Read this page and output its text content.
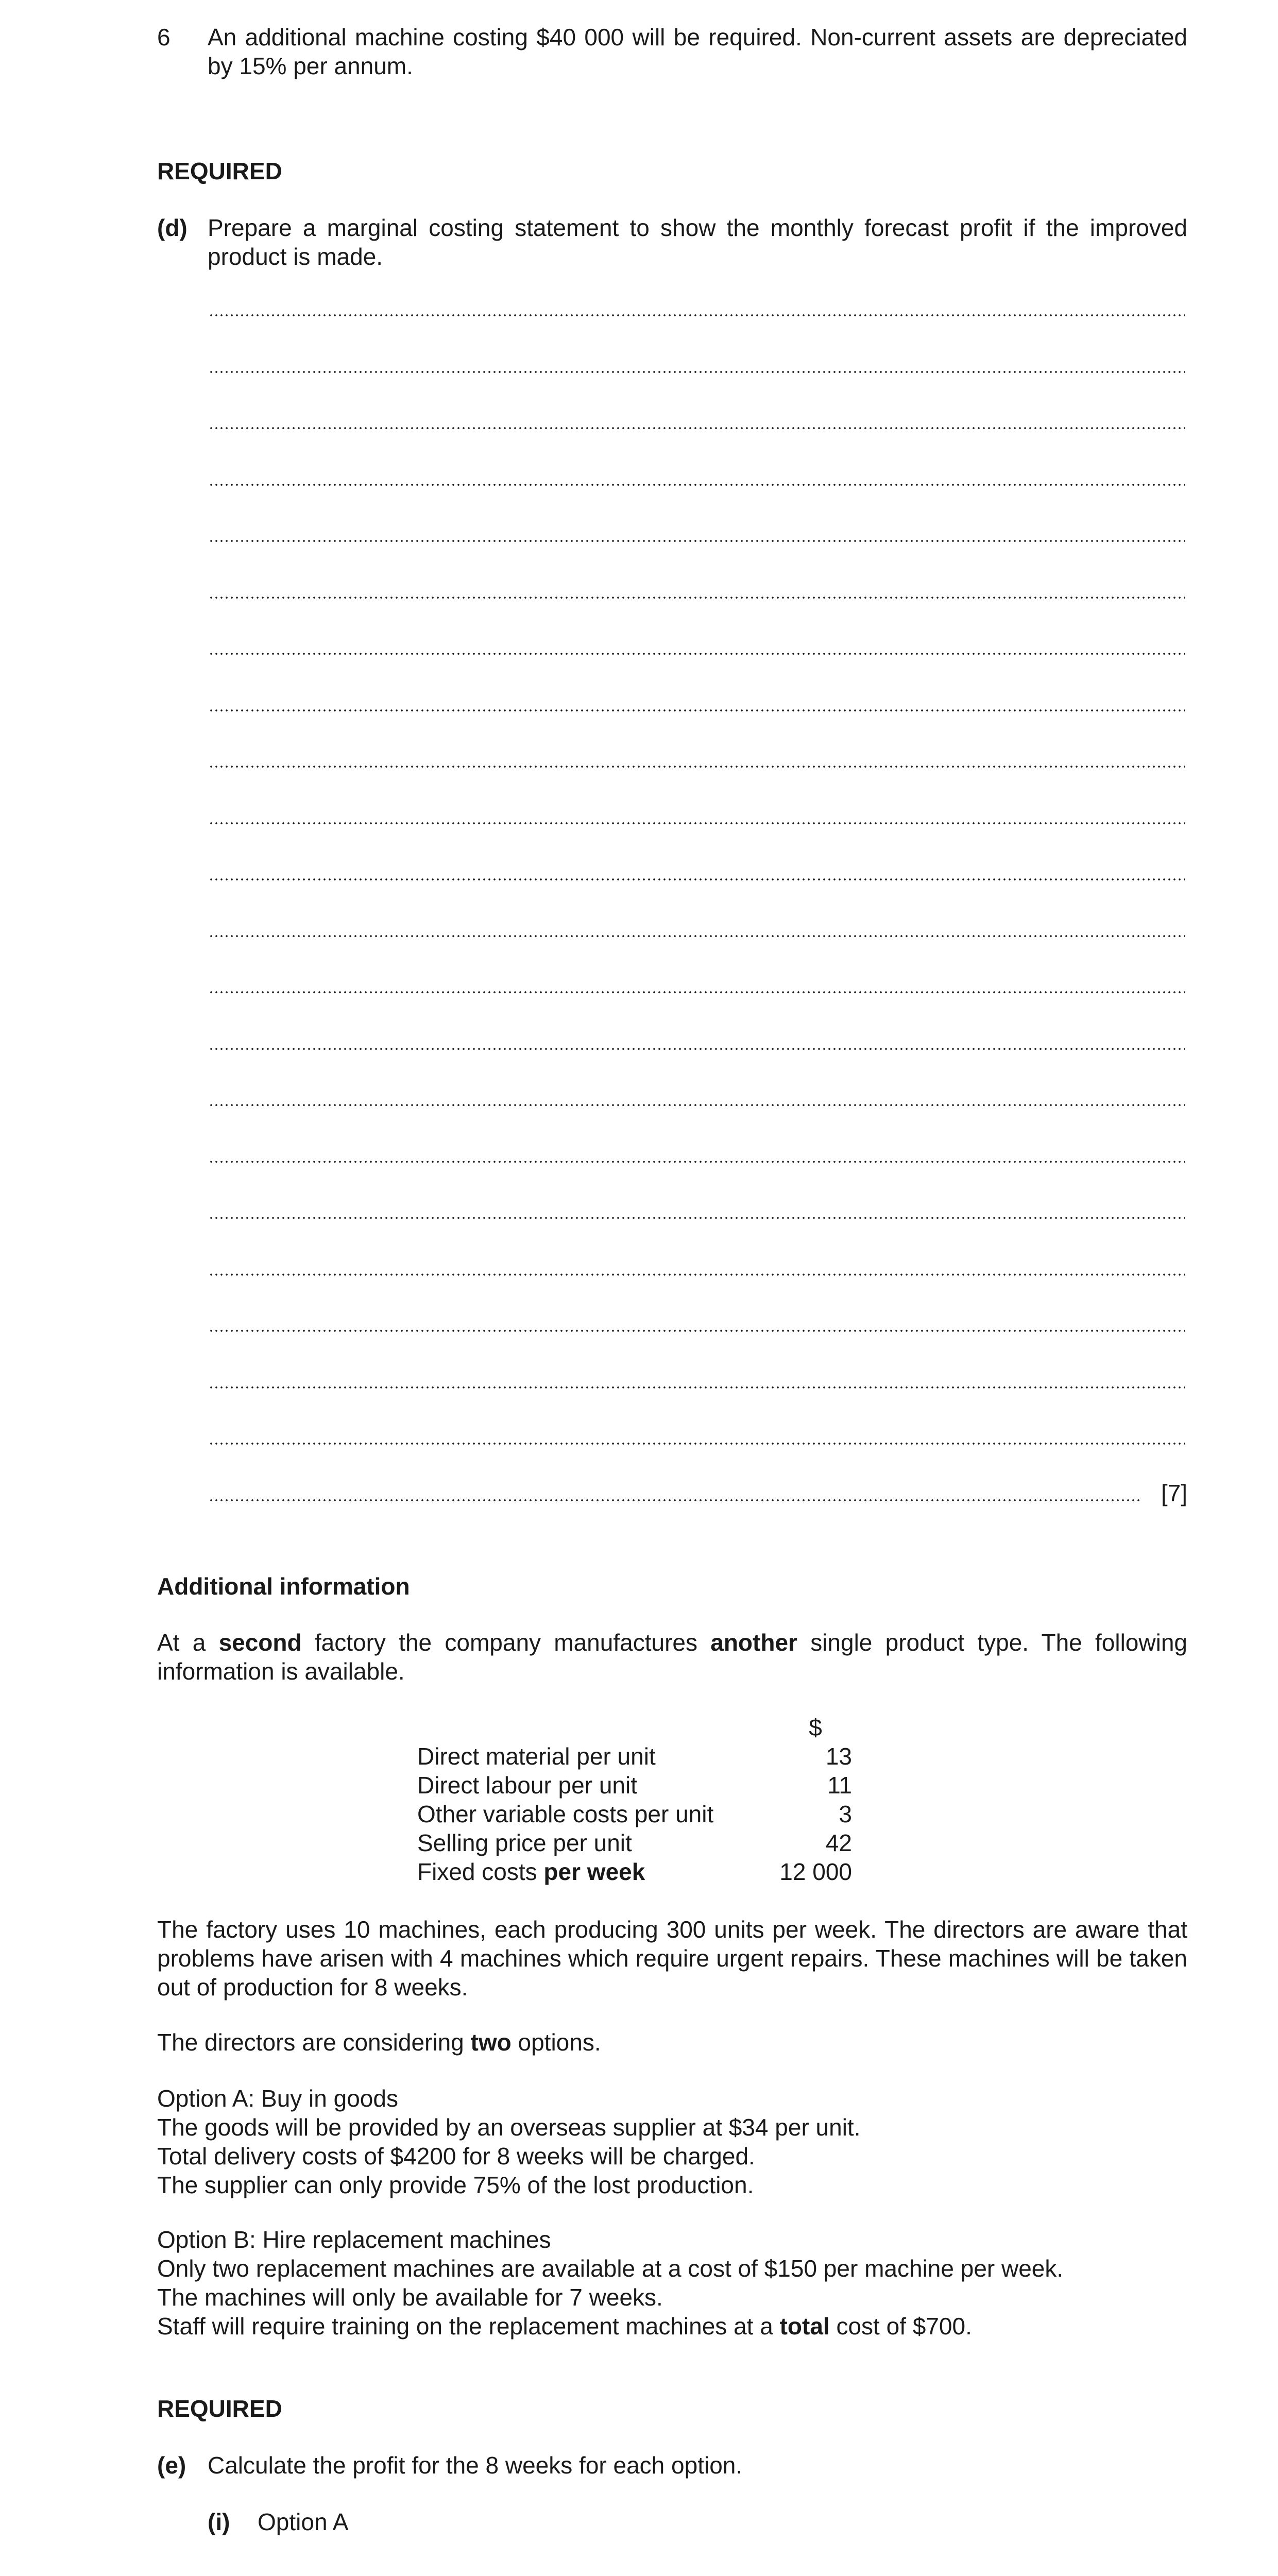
6 An additional machine costing $40 000 will be required. Non-current assets are depreciated by 15% per annum.
REQUIRED
(d) Prepare a marginal costing statement to show the monthly forecast profit if the improved product is made.
[7]
Additional information
At a second factory the company manufactures another single product type. The following information is available.
	$
Direct material per unit	13
Direct labour per unit	11
Other variable costs per unit	3
Selling price per unit	42
Fixed costs per week	12 000
The factory uses 10 machines, each producing 300 units per week. The directors are aware that problems have arisen with 4 machines which require urgent repairs. These machines will be taken out of production for 8 weeks.
The directors are considering two options.
Option A: Buy in goods
The goods will be provided by an overseas supplier at $34 per unit.
Total delivery costs of $4200 for 8 weeks will be charged.
The supplier can only provide 75% of the lost production.
Option B: Hire replacement machines
Only two replacement machines are available at a cost of $150 per machine per week.
The machines will only be available for 7 weeks.
Staff will require training on the replacement machines at a total cost of $700.
REQUIRED
(e) Calculate the profit for the 8 weeks for each option.
(i) Option A
